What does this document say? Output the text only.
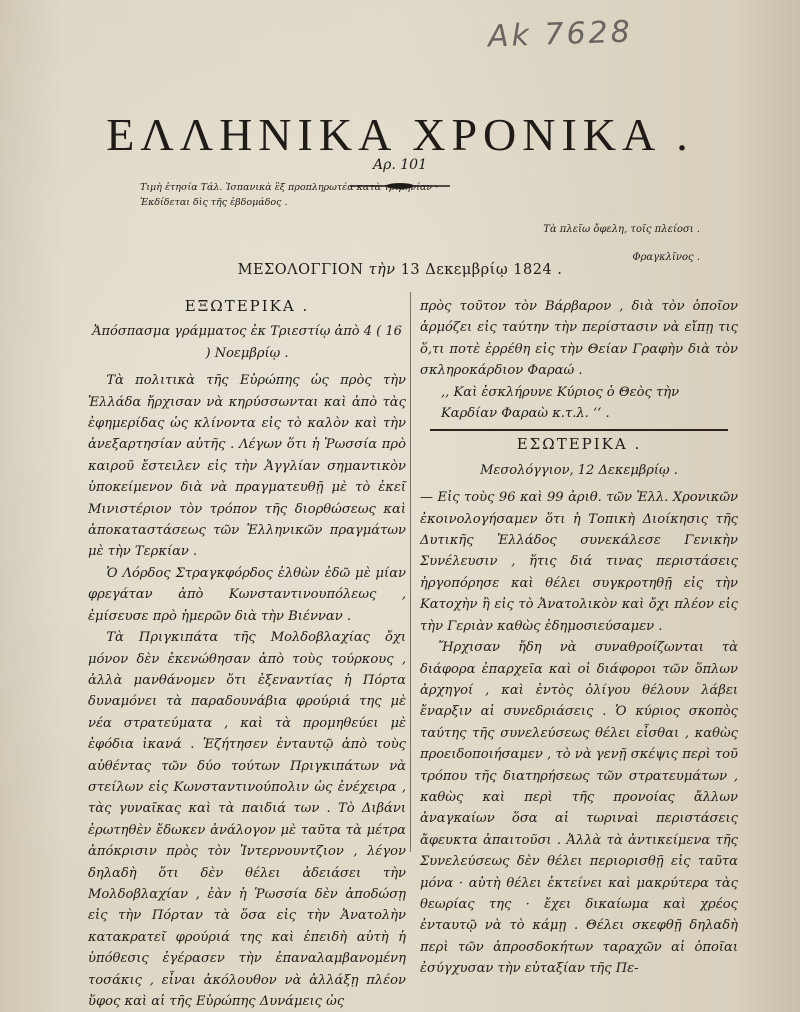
Ak 7628
ΕΛΛΗΝΙΚΑ ΧΡΟΝΙΚΑ .
Αρ. 101
Τιμὴ ἐτησία Τάλ. Ἰσπανικὰ ἓξ προπληρωτέα κατὰ τριμηνίαν · Ἐκδίδεται δὶς τῆς ἑβδομάδος .
Τὰ πλεῖω ὄφελη, τοῖς πλείοσι .
Φραγκλῖνος .
ΜΕΣΟΛΟΓΓΙΟΝ τὴν 13 Δεκεμβρίῳ 1824 .
ΕΞΩΤΕΡΙΚΑ .
Ἀπόσπασμα γράμματος ἐκ Τριεστίῳ ἀπὸ 4 ( 16 ) Νοεμβρίῳ .

Τὰ πολιτικὰ τῆς Εὐρώπης ὡς πρὸς τὴν Ἑλλάδα ἤρχισαν νὰ κηρύσσωνται καὶ ἀπὸ τὰς ἐφημερίδας ὡς κλίνοντα εἰς τὸ καλὸν καὶ τὴν ἀνεξαρτησίαν αὐτῆς . Λέγων ὅτι ἡ Ῥωσσία πρὸ καιροῦ ἔστειλεν εἰς τὴν Ἀγγλίαν σημαντικὸν ὑποκείμενον διὰ νὰ πραγματευθῇ μὲ τὸ ἐκεῖ Μινιστέριον τὸν τρόπον τῆς διορθώσεως καὶ ἀποκαταστάσεως τῶν Ἑλληνικῶν πραγμάτων μὲ τὴν Τερκίαν .

Ὁ Λόρδος Στραγκφόρδος ἐλθὼν ἐδῶ μὲ μίαν φρεγάταν ἀπὸ Κωνσταντινουπόλεως , ἐμίσευσε πρὸ ἡμερῶν διὰ τὴν Βιένναν .

Τὰ Πριγκιπάτα τῆς Μολδοβλαχίας ὄχι μόνον δὲν ἐκενώθησαν ἀπὸ τοὺς τούρκους , ἀλλὰ μανθάνομεν ὅτι ἐξεναντίας ἡ Πόρτα δυναμόνει τὰ παραδουνάβια φρούριά της μὲ νέα στρατεύματα , καὶ τὰ προμηθεύει μὲ ἐφόδια ἱκανά . Ἐζήτησεν ἐνταυτῷ ἀπὸ τοὺς αὐθέντας τῶν δύο τούτων Πριγκιπάτων νὰ στείλων εἰς Κωνσταντινούπολιν ὡς ἐνέχειρα , τὰς γυναῖκας καὶ τὰ παιδιά των . Τὸ Διβάνι ἐρωτηθὲν ἔδωκεν ἀνάλογον μὲ ταῦτα τὰ μέτρα ἀπόκρισιν πρὸς τὸν Ἰντερνουντζιον , λέγον δηλαδὴ ὅτι δὲν θέλει ἀδειάσει τὴν Μολδοβλαχίαν , ἐὰν ἡ Ῥωσσία δὲν ἀποδώσῃ εἰς τὴν Πόρταν τὰ ὅσα εἰς τὴν Ἀνατολὴν κατακρατεῖ φρούριά της καὶ ἐπειδὴ αὐτὴ ἡ ὑπόθεσις ἐγέρασεν τὴν ἐπαναλαμβανομένη τοσάκις , εἶναι ἀκόλουθον νὰ ἀλλάξῃ πλέον ὕφος καὶ αἱ τῆς Εὐρώπης Δυνάμεις ὡς

πρὸς τοῦτον τὸν Βάρβαρον , διὰ τὸν ὁποῖον ἁρμόζει εἰς ταύτην τὴν περίστασιν νὰ εἴπῃ τις ὅ,τι ποτὲ ἐρρέθη εἰς τὴν Θείαν Γραφὴν διὰ τὸν σκληροκάρδιον Φαραώ .

,, Καὶ ἐσκλήρυνε Κύριος ὁ Θεὸς τὴν Καρδίαν Φαραὼ κ.τ.λ. ‘‘ .

ΕΣΩΤΕΡΙΚΑ .
Μεσολόγγιον, 12 Δεκεμβρίῳ .

— Εἰς τοὺς 96 καὶ 99 ἀριθ. τῶν Ἑλλ. Χρονικῶν ἐκοινολογήσαμεν ὅτι ἡ Τοπικὴ Διοίκησις τῆς Δυτικῆς Ἑλλάδος συνεκάλεσε Γενικὴν Συνέλευσιν , ἥτις διά τινας περιστάσεις ἠργοπόρησε καὶ θέλει συγκροτηθῇ εἰς τὴν Κατοχὴν ἢ εἰς τὸ Ἀνατολικὸν καὶ ὄχι πλέον εἰς τὴν Γεριὰν καθὼς ἐδημοσιεύσαμεν .

Ἤρχισαν ἤδη νὰ συναθροίζωνται τὰ διάφορα ἐπαρχεῖα καὶ οἱ διάφοροι τῶν ὅπλων ἀρχηγοί , καὶ ἐντὸς ὀλίγου θέλουν λάβει ἔναρξιν αἱ συνεδριάσεις . Ὁ κύριος σκοπὸς ταύτης τῆς συνελεύσεως θέλει εἶσθαι , καθὼς προειδοποιήσαμεν , τὸ νὰ γενῇ σκέψις περὶ τοῦ τρόπου τῆς διατηρήσεως τῶν στρατευμάτων , καθὼς καὶ περὶ τῆς προνοίας ἄλλων ἀναγκαίων ὅσα αἱ τωριναὶ περιστάσεις ἄφευκτα ἀπαιτοῦσι . Ἀλλὰ τὰ ἀντικείμενα τῆς Συνελεύσεως δὲν θέλει περιορισθῇ εἰς ταῦτα μόνα · αὐτὴ θέλει ἐκτείνει καὶ μακρύτερα τὰς θεωρίας της · ἔχει δικαίωμα καὶ χρέος ἐνταυτῷ νὰ τὸ κάμῃ . Θέλει σκεφθῇ δηλαδὴ περὶ τῶν ἀπροσδοκήτων ταραχῶν αἱ ὁποῖαι ἐσύγχυσαν τὴν εὐταξίαν τῆς Πε-
